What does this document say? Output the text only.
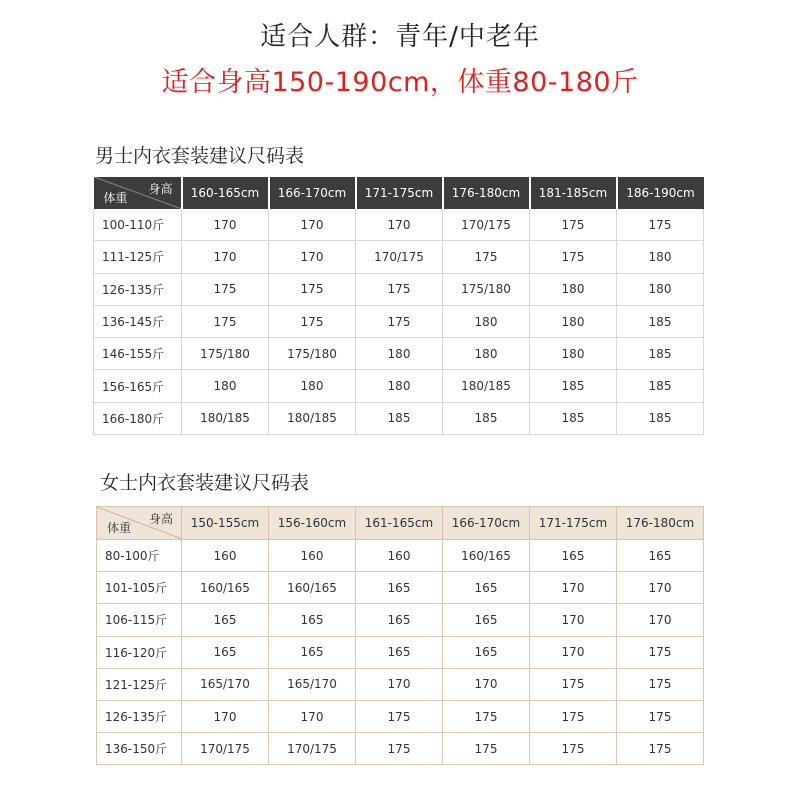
适合人群：青年/中老年
适合身高150-190cm，体重80-180斤
男士内衣套装建议尺码表
身高
体重	160-165cm	166-170cm	171-175cm	176-180cm	181-185cm	186-190cm
100-110斤	170	170	170	170/175	175	175
111-125斤	170	170	170/175	175	175	180
126-135斤	175	175	175	175/180	180	180
136-145斤	175	175	175	180	180	185
146-155斤	175/180	175/180	180	180	180	185
156-165斤	180	180	180	180/185	185	185
166-180斤	180/185	180/185	185	185	185	185
女士内衣套装建议尺码表
身高
体重	150-155cm	156-160cm	161-165cm	166-170cm	171-175cm	176-180cm
80-100斤	160	160	160	160/165	165	165
101-105斤	160/165	160/165	165	165	170	170
106-115斤	165	165	165	165	170	170
116-120斤	165	165	165	165	170	175
121-125斤	165/170	165/170	170	170	175	175
126-135斤	170	170	175	175	175	175
136-150斤	170/175	170/175	175	175	175	175
